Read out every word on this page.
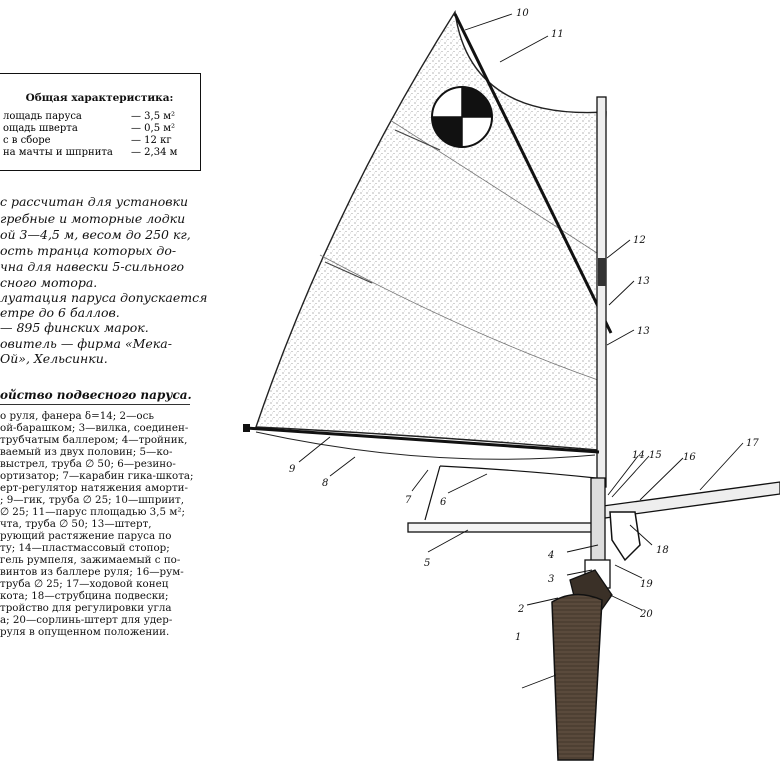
Общая характеристика:
лощадь паруса	— 3,5 м²
ощадь шверта	— 0,5 м²
с в сборе	— 12 кг
на мачты и шпрнита — 2,34 м
с рассчитан для установки
гребные и моторные лодки
ой 3—4,5 м, весом до 250 кг,
ость транца которых до-
чна для навески 5-сильного
сного мотора.
луатация паруса допускается
етре до 6 баллов.
— 895 финских марок.
овитель — фирма «Мека-
Ой», Хельсинки.
ойство подвесного паруса.
о руля, фанера δ=14; 2—ось
ой-барашком; 3—вилка, соединен-
трубчатым баллером; 4—тройник,
ваемый из двух половин; 5—ко-
выстрел, труба ∅ 50; 6—резино-
ортизатор; 7—карабин гика-шкота;
ерт-регулятор натяжения аморти-
; 9—гик, труба ∅ 25; 10—шприит,
∅ 25; 11—парус площадью 3,5 м²;
чта, труба ∅ 50; 13—штерт,
рующий растяжение паруса по
ту; 14—пластмассовый стопор;
гель румпеля, зажимаемый с по-
винтов из баллере руля; 16—рум-
труба ∅ 25; 17—ходовой конец
кота; 18—струбцина подвески;
тройство для регулировки угла
а; 20—сорлинь-штерт для удер-
руля в опущенном положении.	1
2
3
4
5
6
7
8
9
10
11
12
13
13
14 15 16
17
18
19
20
